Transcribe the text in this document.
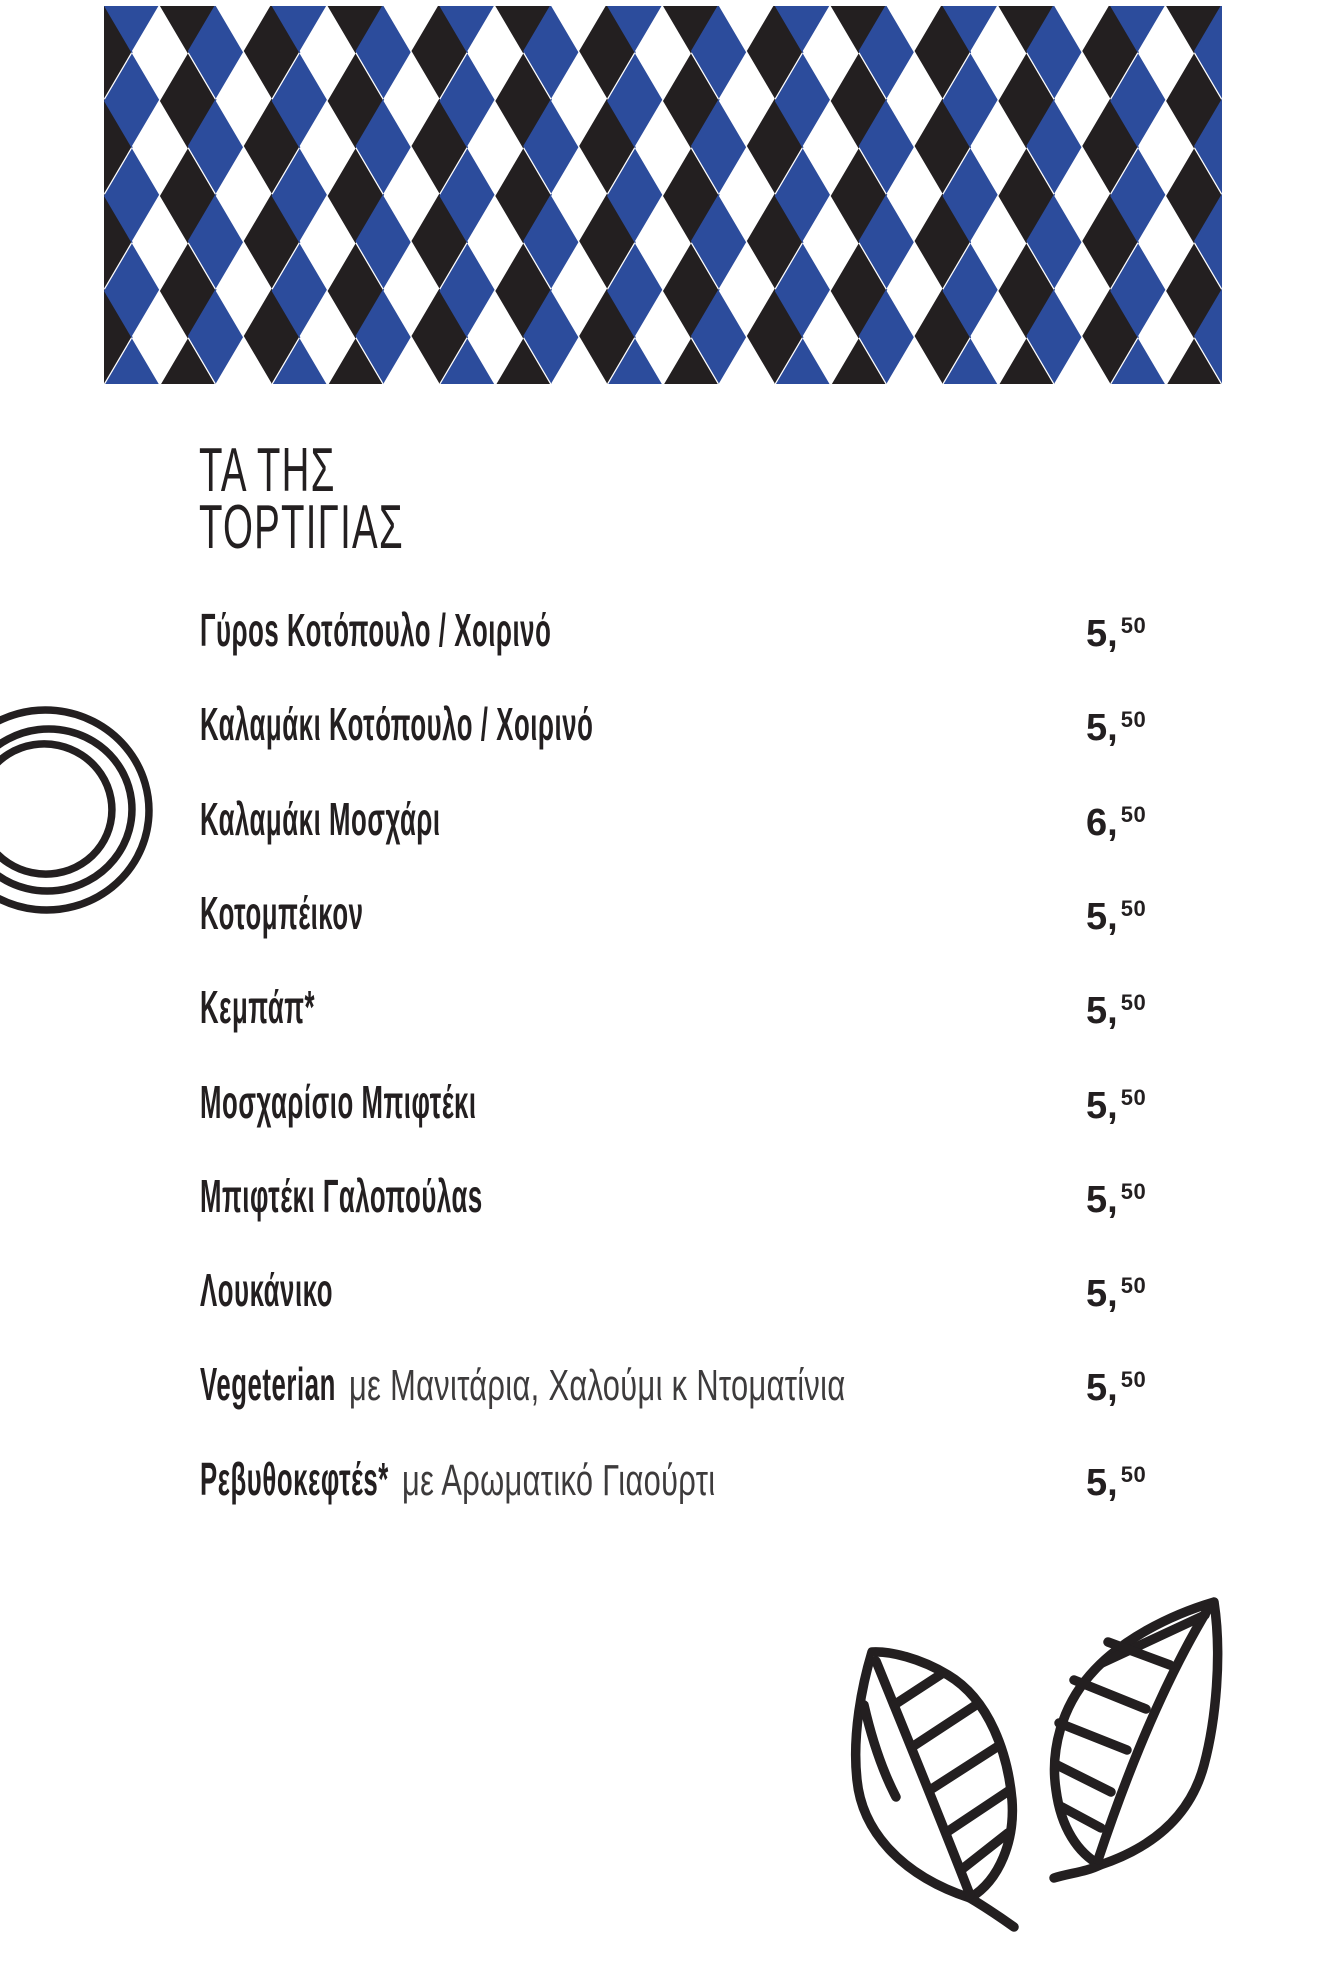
ΤΑ ΤΗΣ
ΤΟΡΤΙΓΙΑΣ
Γύροs Κοτόπουλο / Χοιρινό	5, 50
Καλαμάκι Κοτόπουλο / Χοιρινό	5, 50
Καλαμάκι Μοσχάρι	6, 50
Κοτομπέικον	5, 50
Κεμπάπ*	5, 50
Μοσχαρίσιο Μπιφτέκι	5, 50
Μπιφτέκι Γαλοπούλαs	5, 50
Λουκάνικο	5, 50
Vegeterian με Μανιτάρια, Χαλούμι κ Ντοματίνια	5, 50
Ρεβυθοκεφτέs* με Αρωματικό Γιαούρτι	5, 50
